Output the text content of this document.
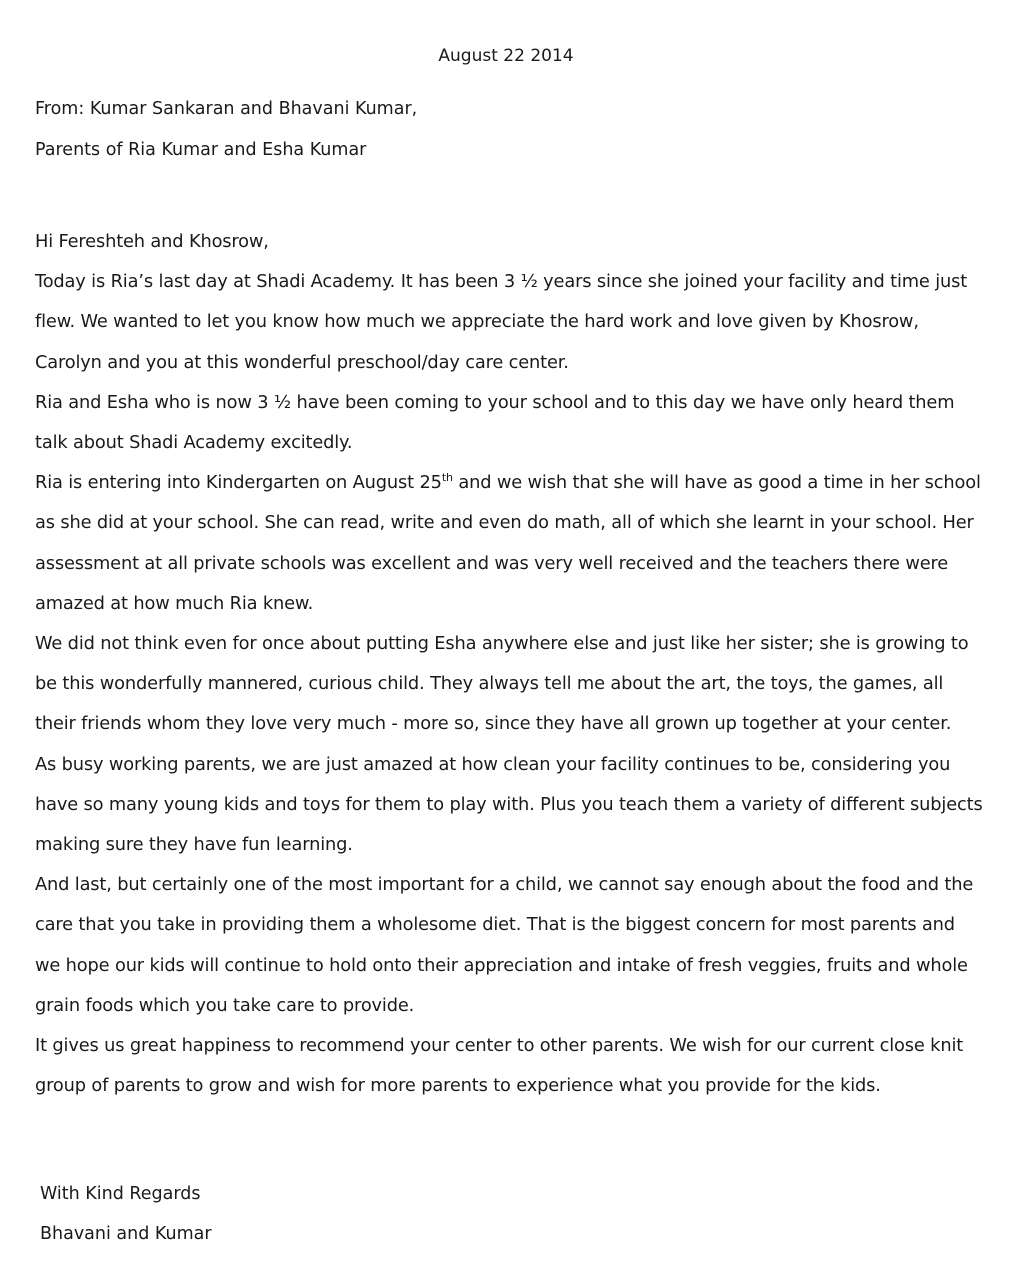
August 22 2014
From: Kumar Sankaran and Bhavani Kumar,
Parents of Ria Kumar and Esha Kumar

Hi Fereshteh and Khosrow,

Today is Ria’s last day at Shadi Academy. It has been 3 ½ years since she joined your facility and time just flew. We wanted to let you know how much we appreciate the hard work and love given by Khosrow, Carolyn and you at this wonderful preschool/day care center.

Ria and Esha who is now 3 ½ have been coming to your school and to this day we have only heard them talk about Shadi Academy excitedly.

Ria is entering into Kindergarten on August 25th and we wish that she will have as good a time in her school as she did at your school. She can read, write and even do math, all of which she learnt in your school. Her assessment at all private schools was excellent and was very well received and the teachers there were amazed at how much Ria knew.

We did not think even for once about putting Esha anywhere else and just like her sister; she is growing to be this wonderfully mannered, curious child. They always tell me about the art, the toys, the games, all their friends whom they love very much - more so, since they have all grown up together at your center.

As busy working parents, we are just amazed at how clean your facility continues to be, considering you have so many young kids and toys for them to play with. Plus you teach them a variety of different subjects making sure they have fun learning.

And last, but certainly one of the most important for a child, we cannot say enough about the food and the care that you take in providing them a wholesome diet. That is the biggest concern for most parents and we hope our kids will continue to hold onto their appreciation and intake of fresh veggies, fruits and whole grain foods which you take care to provide.

It gives us great happiness to recommend your center to other parents. We wish for our current close knit group of parents to grow and wish for more parents to experience what you provide for the kids.

With Kind Regards
Bhavani and Kumar
